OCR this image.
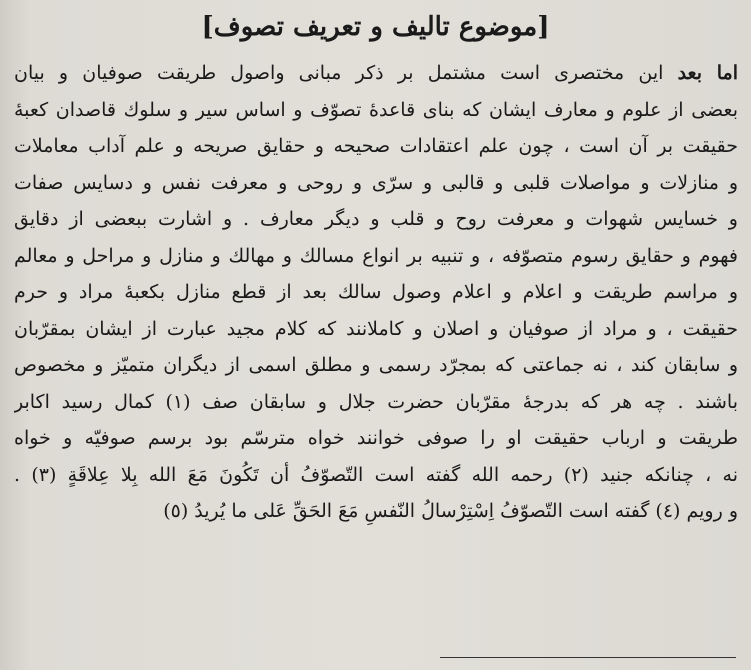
[موضوع تاليف و تعريف تصوف]
اما بعد اين مختصرى است مشتمل بر ذكر مبانى واصول طريقت صوفيان و بيان
بعضى از علوم و معارف ايشان كه بناى قاعدهٔ تصوّف و اساس سير و سلوك قاصدان كعبهٔ
حقيقت بر آن است ، چون علم اعتقادات صحيحه و حقايق صريحه و علم آداب معاملات
و منازلات و مواصلات قلبى و قالبى و سرّى و روحى و معرفت نفس و دسايس صفات
و خسايس شهوات و معرفت روح و قلب و ديگر معارف . و اشارت ببعضى از دقايق
فهوم و حقايق رسوم متصوّفه ، و تنبيه بر انواع مسالك و مهالك و منازل و مراحل و معالم
و مراسم طريقت و اعلام و اعلام وصول سالك بعد از قطع منازل بكعبهٔ مراد و حرم
حقيقت ، و مراد از صوفيان و اصلان و كاملانند كه كلام مجيد عبارت از ايشان بمقرّبان
و سابقان كند ، نه جماعتى كه بمجرّد رسمى و مطلق اسمى از ديگران متميّز و مخصوص
باشند . چه هر كه بدرجهٔ مقرّبان حضرت جلال و سابقان صف (١) كمال رسيد اكابر
طريقت و ارباب حقيقت او را صوفى خوانند خواه مترسّم بود برسم صوفيّه و خواه
نه ، چنانكه جنيد (٢) رحمه الله گفته است التّصوّفُ أن تَكُونَ مَعَ الله بِلا عِلاقَةٍ (٣) .
و رويم (٤) گفته است التّصوّفُ اِسْتِرْسالُ النّفسِ مَعَ الحَقِّ عَلى ما يُريدُ (٥)
